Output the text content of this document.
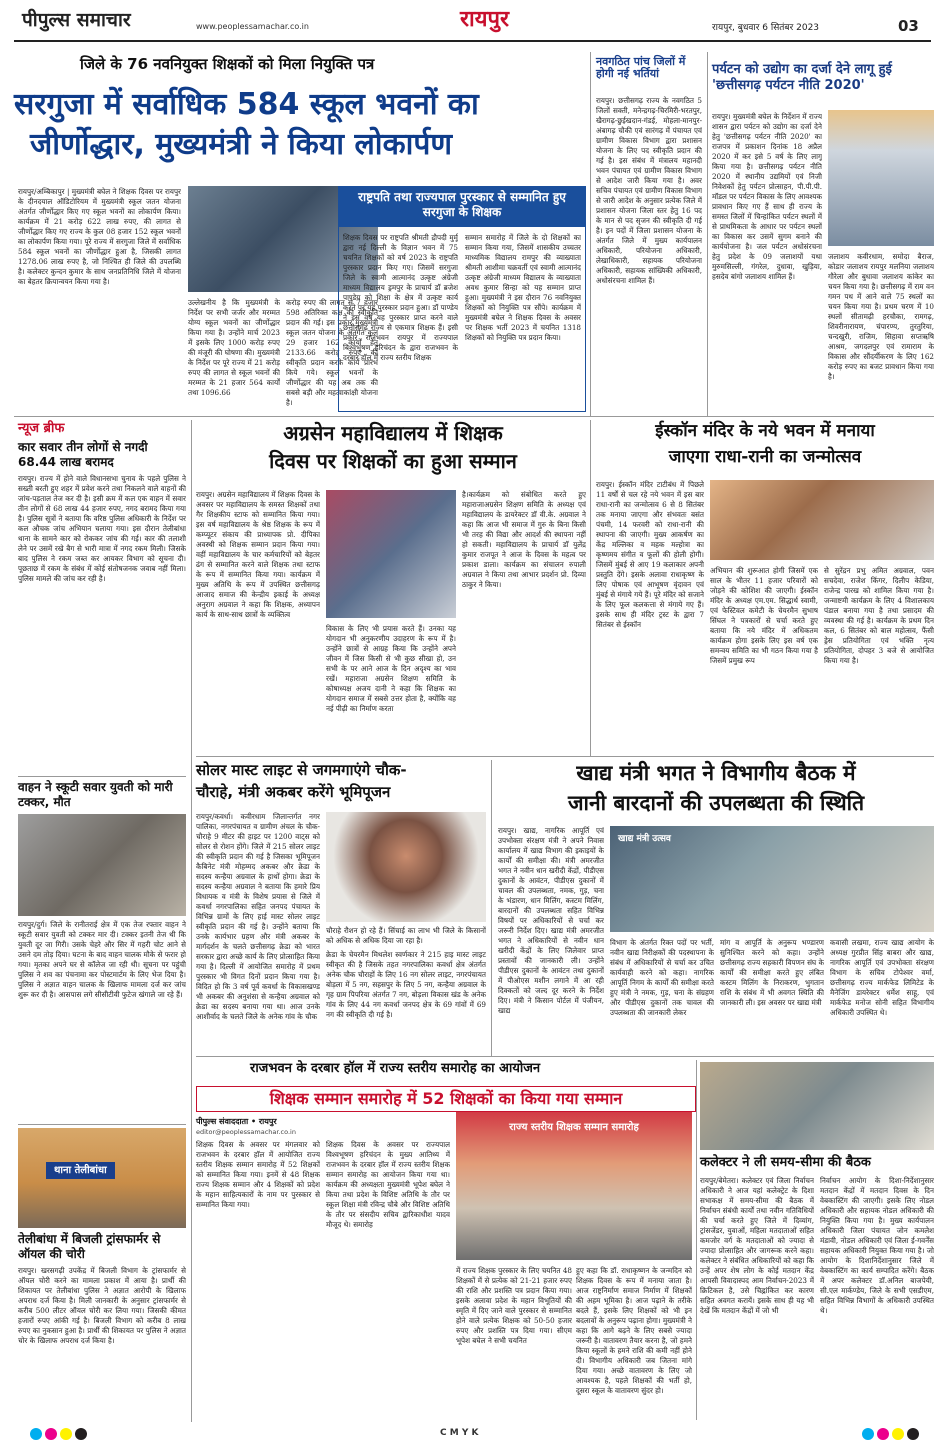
पीपुल्स समाचार	www.peoplessamachar.co.in	रायपुर	रायपुर, बुधवार 6 सितंबर 2023	03
जिले के 76 नवनियुक्त शिक्षकों को मिला नियुक्ति पत्र
सरगुजा में सर्वाधिक 584 स्कूल भवनों का
जीर्णोद्धार, मुख्यमंत्री ने किया लोकार्पण
रायपुर/अम्बिकापुर | मुख्यमंत्री बघेल ने शिक्षक दिवस पर रायपुर के दीनदयाल ऑडिटोरियम में मुख्यमंत्री स्कूल जतन योजना अंतर्गत जीर्णोद्धार किए गए स्कूल भवनों का लोकार्पण किया। कार्यक्रम में 21 करोड़ 622 लाख रुपए, की लागत से जीर्णोद्धार किए गए राज्य के कुल 08 हजार 152 स्कूल भवनों का लोकार्पण किया गया। पूरे राज्य में सरगुजा जिले में सर्वाधिक 584 स्कूल भवनों का जीर्णोद्धार हुआ है, जिसकी लागत 1278.06 लाख रुपए है, जो निश्चित ही जिले की उपलब्धि है। कलेक्टर कुन्दन कुमार के साथ जनप्रतिनिधि जिले में योजना का बेहतर क्रियान्वयन किया गया है।
उल्लेखनीय है कि मुख्यमंत्री के निर्देश पर सभी जर्जर और मरम्मत योग्य स्कूल भवनों का जीर्णोद्धार किया गया है। उन्होंने मार्च 2023 में इसके लिए 1000 करोड़ रुपए की मंजूरी की घोषणा की। मुख्यमंत्री के निर्देश पर पूरे राज्य में 21 करोड़ रुपए की लागत से स्कूल भवनों की मरम्मत के 21 हजार 564 कार्यों तथा 1096.66
करोड़ रुपए की लागत से 7 हजार 598 अतिरिक्त कक्ष की स्वीकृति प्रदान की गई। इस प्रकार मुख्यमंत्री स्कूल जतन योजना के अंतर्गत कुल 29 हजार 162 कार्यों हेतु 2133.66 करोड़ रुपए की स्वीकृति प्रदान करके कार्य प्रारंभ किये गये। स्कूल भवनों के जीर्णोद्धार की यह अब तक की सबसे बड़ी और महत्वाकांक्षी योजना है।
राष्ट्रपति तथा राज्यपाल पुरस्कार से सम्मानित हुए सरगुजा के शिक्षक
शिक्षक दिवस पर राष्ट्रपति श्रीमती द्रौपदी मुर्मू द्वारा नई दिल्ली के विज्ञान भवन में 75 चयनित शिक्षकों को वर्ष 2023 के राष्ट्रपति पुरस्कार प्रदान किए गए। जिसमें सरगुजा जिले के स्वामी आत्मानंद उत्कृष्ट अंग्रेजी माध्यम विद्यालय ड्रमपुर के प्राचार्य डॉ ब्रजेश पाण्डेय को शिक्षा के क्षेत्र में उत्कृष्ट कार्य करने पर यह पुरस्कार प्रदान हुआ। डॉ पाण्डेय ने इस वर्ष यह पुरस्कार प्राप्त करने वाले छत्तीसगढ़ राज्य से एकमात्र शिक्षक हैं। इसी प्रकार राजभवन रायपुर में राज्यपाल बिश्वभूषण हरिचंदन के द्वारा राजभवन के दरबार हॉल में राज्य स्तरीय शिक्षक
सम्मान समारोह में जिले के दो शिक्षकों का सम्मान किया गया, जिसमें शासकीय उच्चतर माध्यमिक विद्यालय रामपुर की व्याख्याता श्रीमती आशीमा चक्रवर्ती एवं स्वामी आत्मानंद उत्कृष्ट अंग्रेजी माध्यम विद्यालय के व्याख्याता अवध कुमार सिन्हा को यह सम्मान प्राप्त हुआ। मुख्यमंत्री ने इस दौरान 76 नवनियुक्त शिक्षकों को नियुक्ति पत्र सौंपे। कार्यक्रम में मुख्यमंत्री बघेल ने शिक्षक दिवस के अवसर पर शिक्षक भर्ती 2023 में चयनित 1318 शिक्षकों को नियुक्ति पत्र प्रदान किया।
नवगठित पांच जिलों में होगी नई भर्तियां
रायपुर। छत्तीसगढ़ राज्य के नवगठित 5 जिलों सक्ती, मनेन्द्रगढ़-चिरमिरी-भरतपुर, खैरागढ़-छुईखदान-गंडई, मोहला-मानपुर-अंबागढ़ चौकी एवं सारंगढ़ में पंचायत एवं ग्रामीण विकास विभाग द्वारा प्रशासन योजना के लिए पद स्वीकृति प्रदान की गई है। इस संबंध में मंत्रालय महानदी भवन पंचायत एवं ग्रामीण विकास विभाग से आदेश जारी किया गया है। अवर सचिव पंचायत एवं ग्रामीण विकास विभाग से जारी आदेश के अनुसार प्रत्येक जिले में प्रशासन योजना जिला स्तर हेतु 16 पद के मान से पद सृजन की स्वीकृति दी गई है। इन पदों में जिला प्रशासन योजना के अंतर्गत जिले में मुख्य कार्यपालन अधिकारी, परियोजना अधिकारी, लेखाधिकारी, सहायक परियोजना अधिकारी, सहायक सांख्यिकी अधिकारी, अधोसंरचना शामिल हैं।
पर्यटन को उद्योग का दर्जा देने लागू हुई 'छत्तीसगढ़ पर्यटन नीति 2020'
रायपुर। मुख्यमंत्री बघेल के निर्देशन में राज्य शासन द्वारा पर्यटन को उद्योग का दर्जा देने हेतु 'छत्तीसगढ़ पर्यटन नीति 2020' का राजपत्र में प्रकाशन दिनांक 18 अप्रैल 2020 में कर इसे 5 वर्ष के लिए लागू किया गया है। छत्तीसगढ़ पर्यटन नीति 2020 में स्थानीय उद्यमियों एवं निजी निवेशकों हेतु पर्यटन प्रोत्साहन, पी.पी.पी. मॉडल पर पर्यटन विकास के लिए आवश्यक प्रावधान किए गए हैं साथ ही राज्य के समस्त जिलों में चिन्हांकित पर्यटन स्थलों में से प्राथमिकता के आधार पर पर्यटन स्थलों का विकास कर उसमें सुगम बनाने की कार्ययोजना है। जल पर्यटन अधोसंरचना हेतु प्रदेश के 09 जलाशयों यथा मुरुमसिल्ली, गंगरेल, दुधावा, खुड़िया, हसदेव बांगो जलाशय शामिल हैं।
जलाशय कवीरधाम, समोदा बैराज, कोडार जलाशय रायपुर मलनिया जलाशय गौरेला और बुधावा जलाशय कांकेर का चयन किया गया है। छत्तीसगढ़ में राम वन गमन पथ में आने वाले 75 स्थलों का चयन किया गया है। प्रथम चरण में 10 स्थलों सीतामढ़ी हरचौका, रामगढ़, शिवरीनारायण, चंपारण्य, तुरतुरिया, चन्दखुरी, राजिम, सिहावा सप्तऋषि आश्रम, जगदलपुर एवं रामाराम के विकास और सौंदर्यीकरण के लिए 162 करोड़ रुपए का बजट प्रावधान किया गया है।
न्यूज ब्रीफ
कार सवार तीन लोगों से नगदी 68.44 लाख बरामद
रायपुर। राज्य में होने वाले विधानसभा चुनाव के पहले पुलिस ने सख्ती बरती हुए शहर में प्रवेश करने तथा निकलने वाले वाहनों की जांच-पड़ताल तेज कर दी है। इसी क्रम में कल एक वाहन में सवार तीन लोगों से 68 लाख 44 हजार रुपए, नगद बरामद किया गया है। पुलिस सूत्रों ने बताया कि वरिष्ठ पुलिस अधिकारी के निर्देश पर कल औचक जांच अभियान चलाया गया। इस दौरान तेलीबांधा थाना के सामने कार को रोककर जांच की गई। कार की तलाशी लेने पर उसमें रखे बैग से भारी मात्रा में नगद रकम मिली। जिसके बाद पुलिस ने रकम जब्त कर आयकर विभाग को सूचना दी। पूछताछ में रकम के संबंध में कोई संतोषजनक जवाब नहीं मिला। पुलिस मामले की जांच कर रही है।
वाहन ने स्कूटी सवार युवती को मारी टक्कर, मौत
रायपुर/दुर्ग। जिले के रानीतराई क्षेत्र में एक तेज रफ्तार वाहन ने स्कूटी सवार युवती को टक्कर मार दी। टक्कर इतनी तेज थी कि युवती दूर जा गिरी। उसके चेहरे और सिर में गहरी चोट आने से उसने दम तोड़ दिया। घटना के बाद वाहन चालक मौके से फरार हो गया। मृतका अपने घर से कॉलेज जा रही थी। सूचना पर पहुंची पुलिस ने शव का पंचनामा कर पोस्टमार्टम के लिए भेज दिया है। पुलिस ने अज्ञात वाहन चालक के खिलाफ मामला दर्ज कर जांच शुरू कर दी है। आसपास लगे सीसीटीवी फुटेज खंगाले जा रहे हैं।
थाना तेलीबांधा
तेलीबांधा में बिजली ट्रांसफार्मर से ऑयल की चोरी
रायपुर। खरसगढ़ी उपकेंद्र में बिजली विभाग के ट्रांसफार्मर से ऑयल चोरी करने का मामला प्रकाश में आया है। प्रार्थी की शिकायत पर तेलीबांधा पुलिस ने अज्ञात आरोपी के खिलाफ अपराध दर्ज किया है। मिली जानकारी के अनुसार ट्रांसफार्मर से करीब 500 लीटर ऑयल चोरी कर लिया गया। जिसकी कीमत हजारों रुपए आंकी गई है। बिजली विभाग को करीब 8 लाख रुपए का नुकसान हुआ है। प्रार्थी की शिकायत पर पुलिस ने अज्ञात चोर के खिलाफ अपराध दर्ज किया है।
अग्रसेन महाविद्यालय में शिक्षक
दिवस पर शिक्षकों का हुआ सम्मान
रायपुर। अग्रसेन महाविद्यालय में शिक्षक दिवस के अवसर पर महाविद्यालय के समस्त शिक्षकों तथा गैर शिक्षकीय स्टाफ को सम्मानित किया गया। इस वर्ष महाविद्यालय के श्रेष्ठ शिक्षक के रूप में कम्प्यूटर संकाय की प्राध्यापक प्रो. दीपिका अवस्थी को शिक्षक सम्मान प्रदान किया गया। वहीं महाविद्यालय के चार कर्मचारियों को बेहतर ढंग से सम्मानित करने वाले शिक्षक तथा स्टाफ के रूप में सम्मानित किया गया। कार्यक्रम में मुख्य अतिथि के रूप में उपस्थित छत्तीसगढ़ आजाद समाज की केन्द्रीय इकाई के अध्यक्ष अनुराग अग्रवाल ने कहा कि शिक्षक, अध्यापन कार्य के साथ-साथ छात्रों के व्यक्तित्व
विकास के लिए भी प्रयास करते हैं। उनका यह योगदान भी अनुकरणीय उदाहरण के रूप में है। उन्होंने छात्रों से आग्रह किया कि उन्होंने अपने जीवन में जिस किसी से भी कुछ सीखा हो, उन सभी के पर आने आज के दिन अदृश्य का भाव रखें। महाराजा अग्रसेन शिक्षण समिति के कोषाध्यक्ष अजय दानी ने कहा कि शिक्षक का योगदान समाज में सबसे उत्तर होता है, क्योंकि वह नई पीढ़ी का निर्माण करता
है।कार्यक्रम को संबोधित करते हुए महाराजाअग्रसेन शिक्षण समिति के अध्यक्ष एवं महाविद्यालय के डायरेक्टर डॉ वी.के. अग्रवाल ने कहा कि आज भी समाज में गुरु के बिना किसी भी तरह की विद्या और आदर्श की स्थापना नहीं हो सकती। महाविद्यालय के प्राचार्य डॉ युलेंद्र कुमार राजपूत ने आज के दिवस के महत्व पर प्रकाश डाला। कार्यक्रम का संचालन रुपाली अग्रवाल ने किया तथा आभार प्रदर्शन प्रो. दिव्या ठाकुर ने किया।
ईस्कॉन मंदिर के नये भवन में मनाया
जाएगा राधा-रानी का जन्मोत्सव
रायपुर। ईस्कॉन मंदिर टाटीबंध में पिछले 11 वर्षों से चल रहे नये भवन में इस बार राधा-रानी का जन्मोत्सव 6 से 8 सितंबर तक मनाया जाएगा और संभवतः बसंत पंचमी, 14 फरवरी को राधा-रानी की स्थापना की जाएगी। मुख्य आकर्षण का केंद्र मल्लिका व महक मल्होत्रा का कृष्णमय संगीत व फूलों की होली होगी। जिसमें मुंबई से आए 19 कलाकार अपनी प्रस्तुति देंगे। इसके अलावा राधाकृष्ण के लिए पोषाक एवं आभूषण वृंदावन एवं मुंबई से मंगाये गये हैं। पूरे मंदिर को सजाने के लिए फूल कलकत्ता से मंगाये गए हैं। इसके साथ ही मंदिर ट्रस्ट के द्वारा 7 सितंबर से ईस्कॉन
अभियान की शुरूआत होगी जिसमें एक साल के भीतर 11 हजार परिवारों को जोड़ने की कोशिश की जाएगी। ईस्कॉन मंदिर के अध्यक्ष एम.एम. सिद्धार्थ स्वामी, एवं फेस्टिवल कमेटी के चेयरमैन सुभाष सिंघल ने पत्रकारों से चर्चा करते हुए बताया कि नये मंदिर में अधिकतम कार्यक्रम होगा इसके लिए इस वर्ष एक समन्वय समिति का भी गठन किया गया है जिसमें प्रमुख रूप
से सुरेंद्रन प्रभु अमित अग्रवाल, पवन सचदेवा, राजेश किंगर, दिलीप केडिया, राजेन्द्र पारख को शामिल किया गया है। जन्माष्टमी कार्यक्रम के लिए 4 विशालकाय पंडाल बनाया गया है तथा प्रसादम की व्यवस्था की गई है। कार्यक्रम के प्रथम दिन कल, 6 सितंबर को बाल महोत्सव, फैंसी ड्रेस प्रतियोगिता एवं भक्ति नृत्य प्रतियोगिता, दोपहर 3 बजे से आयोजित किया गया है।
सोलर मास्ट लाइट से जगमगाएंगे चौक-
चौराहे, मंत्री अकबर करेंगे भूमिपूजन
रायपुर/कवर्धा। कवीरधाम जिलान्तर्गत नगर पालिका, नगरपंचायत व ग्रामीण अंचल के चौक-चौराहे 9 मीटर की हाइट पर 1200 वाट्स को सोलर से रोशन होंगे। जिले में 215 सोलर लाइट की स्वीकृति प्रदान की गई है जिसका भूमिपूजन कैबिनेट मंत्री मोहम्मद अकबर और क्रेडा के सदस्य कन्हैया अग्रवाल के हाथों होगा। क्रेडा के सदस्य कन्हैया अग्रवाल ने बताया कि हमारे प्रिय विधायक व मंत्री के विशेष प्रयास से जिले में कवर्धा नगरपालिका सहित जनपद पंचायत के विभिन्न ग्रामों के लिए हाई मास्ट सोलर लाइट स्वीकृति प्रदान की गई है। उन्होंने बताया कि उनके कार्यभार ग्रहण और मंत्री अकबर के मार्गदर्शन के चलते छत्तीसगढ़ क्रेडा को भारत सरकार द्वारा अच्छे कार्य के लिए प्रोत्साहित किया गया है। दिल्ली में आयोजित समारोह में प्रथम पुरस्कार भी विगत दिनों प्रदान किया गया है। विदित हो कि 3 वर्ष पूर्व कवर्धा के विकासखण्ड भी अकबर की अनुशंसा से कन्हैया अग्रवाल को क्रेडा का सदस्य बनाया गया था। आज उनके आशीर्वाद के चलते जिले के अनेक गांव के चौक
चौराहे रौशन हो रहे हैं। सिंचाई का लाभ भी जिले के किसानों को अधिक से अधिक दिया जा रहा है।
क्रेडा के चेयरमैन मिथलेश स्वर्णकार ने 215 हाइ मास्ट लाइट स्वीकृत की है जिसके तहत नगरपालिका कवर्धा क्षेत्र अंतर्गत अनेक चौक चौराहों के लिए 16 नग सोलर लाइट, नगरपंचायत बोड़ला में 5 नग, सहसपुर के लिए 5 नग, कन्हैया अग्रवाल के गृह ग्राम पिपरिया अंतर्गत 7 नग, बोड़ला विकास खंड के अनेक गांव के लिए 44 नग कवर्धा जनपद क्षेत्र के 69 गांवों में 69 नग की स्वीकृति दी गई है।
खाद्य मंत्री भगत ने विभागीय बैठक में
जानी बारदानों की उपलब्धता की स्थिति
रायपुर। खाद्य, नागरिक आपूर्ति एवं उपभोक्ता संरक्षण मंत्री ने अपने निवास कार्यालय में खाद्य विभाग की इकाइयों के कार्यों की समीक्षा की। मंत्री अमरजीत भगत ने नवीन धान खरीदी केंद्रों, पीडीएस दुकानों के आवंटन, पीडीएस दुकानों में चावल की उपलब्धता, नमक, गुड़, चना के भंडारण, धान मिलिंग, कस्टम मिलिंग, बारदानों की उपलब्धता सहित विभिन्न विषयों पर अधिकारियों से चर्चा कर जरूरी निर्देश दिए। खाद्य मंत्री अमरजीत भगत ने अधिकारियों से नवीन धान खरीदी केंद्रों के लिए जिलेवार प्राप्त प्रस्तावों की जानकारी ली। उन्होंने पीडीएस दुकानों के आवंटन तथा दुकानों में पीओएस मशीन लगाने में आ रही दिक्कतों को जल्द दूर करने के निर्देश दिए। मंत्री ने किसान पोर्टल में पंजीयन, खाद्य
खाद्य मंत्री उत्सव
विभाग के अंतर्गत रिक्त पदों पर भर्ती, नवीन खाद्य निरीक्षकों की पदस्थापना के संबंध में अधिकारियों से चर्चा कर उचित कार्यवाही करने को कहा। नागरिक आपूर्ति निगम के कार्यों की समीक्षा करते हुए मंत्री ने नमक, गुड़, चना के संग्रहण और पीडीएस दुकानों तक चावल की उपलब्धता की जानकारी लेकर
मांग व आपूर्ति के अनुरूप भण्डारण सुनिश्चित करने को कहा। उन्होंने छत्तीसगढ़ राज्य सहकारी विपणन संघ के कार्यों की समीक्षा करते हुए लंबित कस्टम मिलिंग के निराकरण, भुगतान राशि के संबंध में भी अवगत स्थिति की जानकारी ली। इस अवसर पर खाद्य मंत्री
कवासी लखमा, राज्य खाद्य आयोग के अध्यक्ष गुरप्रीत सिंह बाबरा और खाद्य, नागरिक आपूर्ति एवं उपभोक्ता संरक्षण विभाग के सचिव टोपेश्वर वर्मा, छत्तीसगढ़ राज्य मार्कफेड लिमिटेड के मैनेजिंग डायरेक्टर धर्मेश साहू, एवं मार्कफेड मनोज सोनी सहित विभागीय अधिकारी उपस्थित थे।
राजभवन के दरबार हॉल में राज्य स्तरीय समारोह का आयोजन
शिक्षक सम्मान समारोह में 52 शिक्षकों का किया गया सम्मान
पीपुल्स संवाददाता • रायपुर
editor@peoplessamachar.co.in
शिक्षक दिवस के अवसर पर मंगलवार को राजभवन के दरबार हॉल में आयोजित राज्य स्तरीय शिक्षक सम्मान समारोह में 52 शिक्षकों को सम्मानित किया गया। इनमें से 48 शिक्षक राज्य शिक्षक सम्मान और 4 शिक्षकों को प्रदेश के महान साहित्यकारों के नाम पर पुरस्कार से सम्मानित किया गया।
शिक्षक दिवस के अवसर पर राज्यपाल विश्वभूषण हरिचंदन के मुख्य आतिथ्य में राजभवन के दरबार हॉल में राज्य स्तरीय शिक्षक सम्मान समारोह का आयोजन किया गया था। कार्यक्रम की अध्यक्षता मुख्यमंत्री भूपेश बघेल ने किया तथा प्रदेश के विशिष्ट अतिथि के तौर पर स्कूल शिक्षा मंत्री रविन्द्र चौबे और विशिष्ट अतिथि के तौर पर संसदीय सचिव द्वारिकाधीश यादव मौजूद थे। समारोह
राज्य स्तरीय शिक्षक सम्मान समारोह
में राज्य शिक्षक पुरस्कार के लिए चयनित 48 शिक्षकों में से प्रत्येक को 21-21 हजार रुपए की राशि और प्रशस्ति पत्र प्रदान किया गया। इसके अलावा प्रदेश के महान विभूतियों की स्मृति में दिए जाने वाले पुरस्कार से सम्मानित होने वाले प्रत्येक शिक्षक को 50-50 हजार रुपए और प्रशस्ति पत्र दिया गया। सीएम भूपेश बघेल ने सभी चयनित
हुए कहा कि डॉ. राधाकृष्णन के जन्मदिन को शिक्षक दिवस के रूप में मनाया जाता है। आज राष्ट्रनिर्माण समाज निर्माण में शिक्षकों की अहम भूमिका है। आज पढ़ाने के तरीके बदले हैं, इसके लिए शिक्षकों को भी इन बदलावों के अनुरूप पढ़ाना होगा। मुख्यमंत्री ने कहा कि आगे बढ़ने के लिए सबसे ज्यादा जरूरी है। वातावरण तैयार करना है, जो हमने किया स्कूलों के हमने राशि की कमी नहीं होने दी। विभागीय अधिकारी जब जितना मांगे दिया गया। अच्छे वातावरण के लिए जो आवश्यक है, पहले शिक्षकों की भर्ती हो, दूसरा स्कूल के वातावरण सुंदर हो।
कलेक्टर ने ली समय-सीमा की बैठक
रायपुर/बेमेतरा। कलेक्टर एवं जिला निर्वाचन अधिकारी ने आज यहां कलेक्ट्रेट के दिशा सभाकक्ष में समय-सीमा की बैठक में निर्वाचन संबंधी कार्यों तथा नवीन गतिविधियों की चर्चा करते हुए जिले में दिव्यांग, ट्रांसजेंडर, युवाओं, महिला मतदाताओं सहित कमजोर वर्ग के मतदाताओं को ज्यादा से ज्यादा प्रोत्साहित और जागरूक करने कहा। कलेक्टर ने संबंधित अधिकारियों को कहा कि उन्हें अपर शेष लोग के कोई मतदान केंद्र आपसी विवादास्पद आम निर्वाचन-2023 में क्रिटिकल है, उसे चिह्नांकित कर कारण सहित अवगत करायें। इसके साथ ही यह भी देखें कि मतदान केंद्रों में जो भी
निर्वाचन आयोग के दिशा-निर्देशानुसार मतदान केंद्रों में मतदान दिवस के दिन वेबकास्टिंग की जाएगी। इसके लिए नोडल अधिकारी और सहायक नोडल अधिकारी की नियुक्ति किया गया है। मुख्य कार्यपालन अधिकारी जिला पंचायत जोन कमलेश मंडावी, नोडल अधिकारी एवं जिला ई-गवर्नेंस सहायक अधिकारी नियुक्त किया गया है। जो आयोग के दिशानिर्देशानुसार जिले में वेबकास्टिंग का कार्य सम्पादित करेंगे। बैठक में अपर कलेक्टर डॉ.अनिल बाजपेयी, सी.एल मार्कण्डेय, जिले के सभी एसडीएम, सहित विभिन्न विभागों के अधिकारी उपस्थित थे।
C M Y K
